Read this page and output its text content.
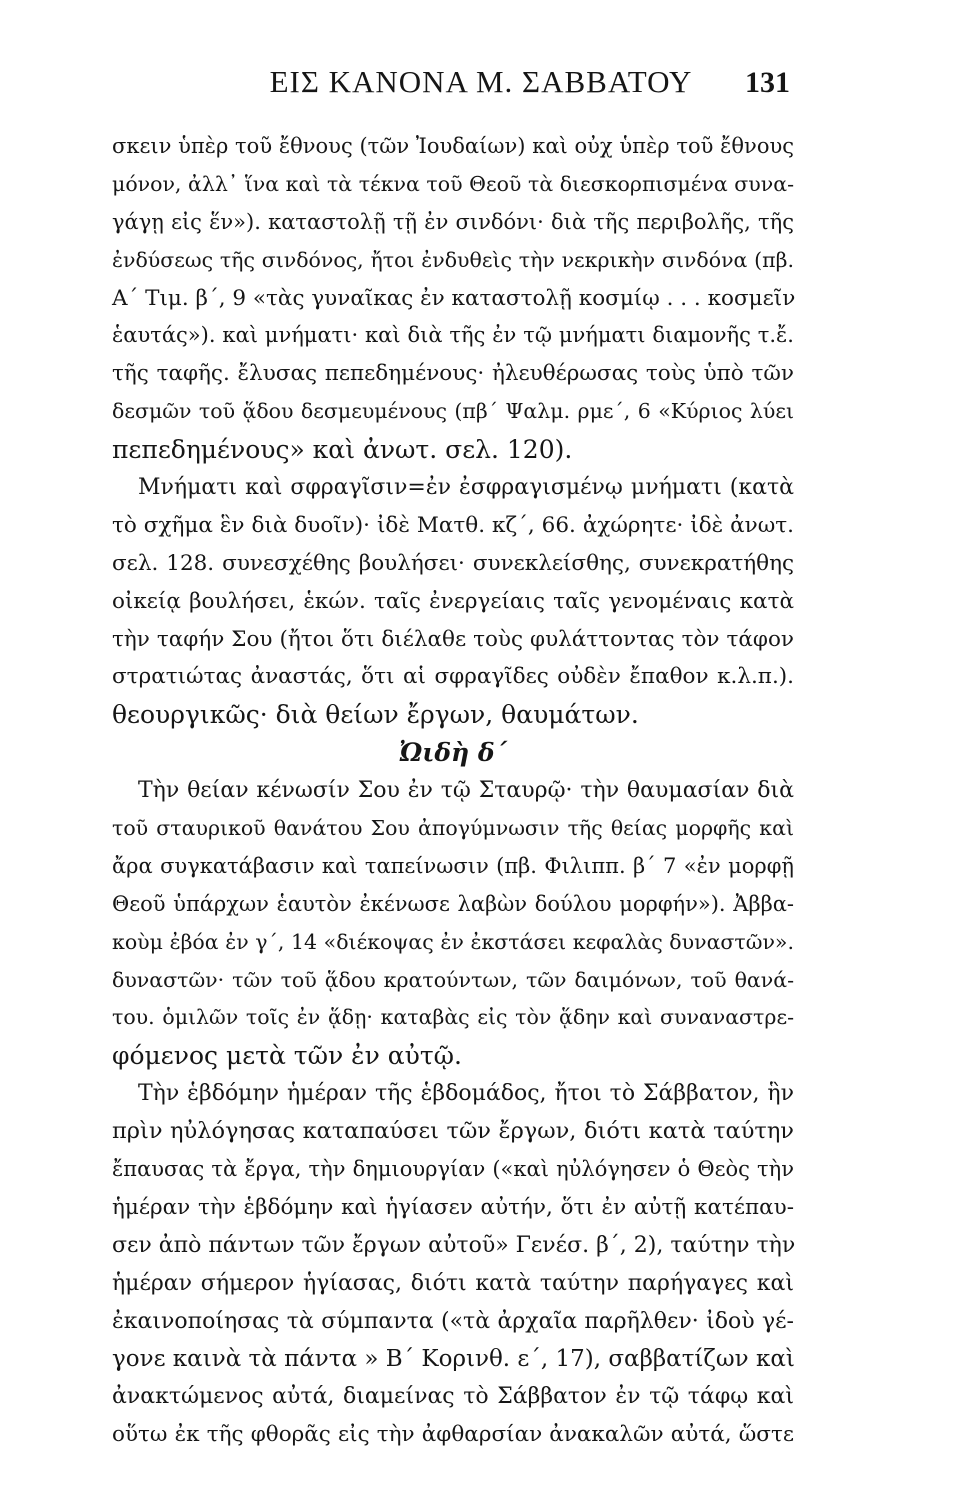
ΕΙΣ ΚΑΝΟΝΑ Μ. ΣΑΒΒΑΤΟΥ	131
σκειν ὑπὲρ τοῦ ἔθνους (τῶν Ἰουδαίων) καὶ οὐχ ὑπὲρ τοῦ ἔθνους
μόνον, ἀλλ᾽ ἵνα καὶ τὰ τέκνα τοῦ Θεοῦ τὰ διεσκορπισμένα συνα-
γάγῃ εἰς ἕν»). καταστολῇ τῇ ἐν σινδόνι· διὰ τῆς περιβολῆς, τῆς
ἐνδύσεως τῆς σινδόνος, ἤτοι ἐνδυθεὶς τὴν νεκρικὴν σινδόνα (πβ.
Α΄ Τιμ. β΄, 9 «τὰς γυναῖκας ἐν καταστολῇ κοσμίῳ . . . κοσμεῖν
ἑαυτάς»). καὶ μνήματι· καὶ διὰ τῆς ἐν τῷ μνήματι διαμονῆς τ.ἔ.
τῆς ταφῆς. ἔλυσας πεπεδημένους· ἠλευθέρωσας τοὺς ὑπὸ τῶν
δεσμῶν τοῦ ᾅδου δεσμευμένους (πβ΄ Ψαλμ. ρμε΄, 6 «Κύριος λύει
πεπεδημένους» καὶ ἀνωτ. σελ. 120).
Μνήματι καὶ σφραγῖσιν=ἐν ἐσφραγισμένῳ μνήματι (κατὰ
τὸ σχῆμα ἓν διὰ δυοῖν)· ἰδὲ Ματθ. κζ΄, 66. ἀχώρητε· ἰδὲ ἀνωτ.
σελ. 128. συνεσχέθης βουλήσει· συνεκλείσθης, συνεκρατήθης
οἰκείᾳ βουλήσει, ἑκών. ταῖς ἐνεργείαις ταῖς γενομέναις κατὰ
τὴν ταφήν Σου (ἤτοι ὅτι διέλαθε τοὺς φυλάττοντας τὸν τάφον
στρατιώτας ἀναστάς, ὅτι αἱ σφραγῖδες οὐδὲν ἔπαθον κ.λ.π.).
θεουργικῶς· διὰ θείων ἔργων, θαυμάτων.
Ὠιδὴ δ΄
Τὴν θείαν κένωσίν Σου ἐν τῷ Σταυρῷ· τὴν θαυμασίαν διὰ
τοῦ σταυρικοῦ θανάτου Σου ἀπογύμνωσιν τῆς θείας μορφῆς καὶ
ἄρα συγκατάβασιν καὶ ταπείνωσιν (πβ. Φιλιππ. β΄ 7 «ἐν μορφῇ
Θεοῦ ὑπάρχων ἑαυτὸν ἐκένωσε λαβὼν δούλου μορφήν»). Ἀββα-
κοὺμ ἐβόα ἐν γ΄, 14 «διέκοψας ἐν ἐκστάσει κεφαλὰς δυναστῶν».
δυναστῶν· τῶν τοῦ ᾅδου κρατούντων, τῶν δαιμόνων, τοῦ θανά-
του. ὁμιλῶν τοῖς ἐν ᾅδῃ· καταβὰς εἰς τὸν ᾅδην καὶ συναναστρε-
φόμενος μετὰ τῶν ἐν αὐτῷ.
Τὴν ἑβδόμην ἡμέραν τῆς ἑβδομάδος, ἤτοι τὸ Σάββατον, ἣν
πρὶν ηὐλόγησας καταπαύσει τῶν ἔργων, διότι κατὰ ταύτην
ἔπαυσας τὰ ἔργα, τὴν δημιουργίαν («καὶ ηὐλόγησεν ὁ Θεὸς τὴν
ἡμέραν τὴν ἑβδόμην καὶ ἡγίασεν αὐτήν, ὅτι ἐν αὐτῇ κατέπαυ-
σεν ἀπὸ πάντων τῶν ἔργων αὐτοῦ» Γενέσ. β΄, 2), ταύτην τὴν
ἡμέραν σήμερον ἡγίασας, διότι κατὰ ταύτην παρήγαγες καὶ
ἐκαινοποίησας τὰ σύμπαντα («τὰ ἀρχαῖα παρῆλθεν· ἰδοὺ γέ-
γονε καινὰ τὰ πάντα » Β΄ Κορινθ. ε΄, 17), σαββατίζων καὶ
ἀνακτώμενος αὐτά, διαμείνας τὸ Σάββατον ἐν τῷ τάφῳ καὶ
οὕτω ἐκ τῆς φθορᾶς εἰς τὴν ἀφθαρσίαν ἀνακαλῶν αὐτά, ὥστε
